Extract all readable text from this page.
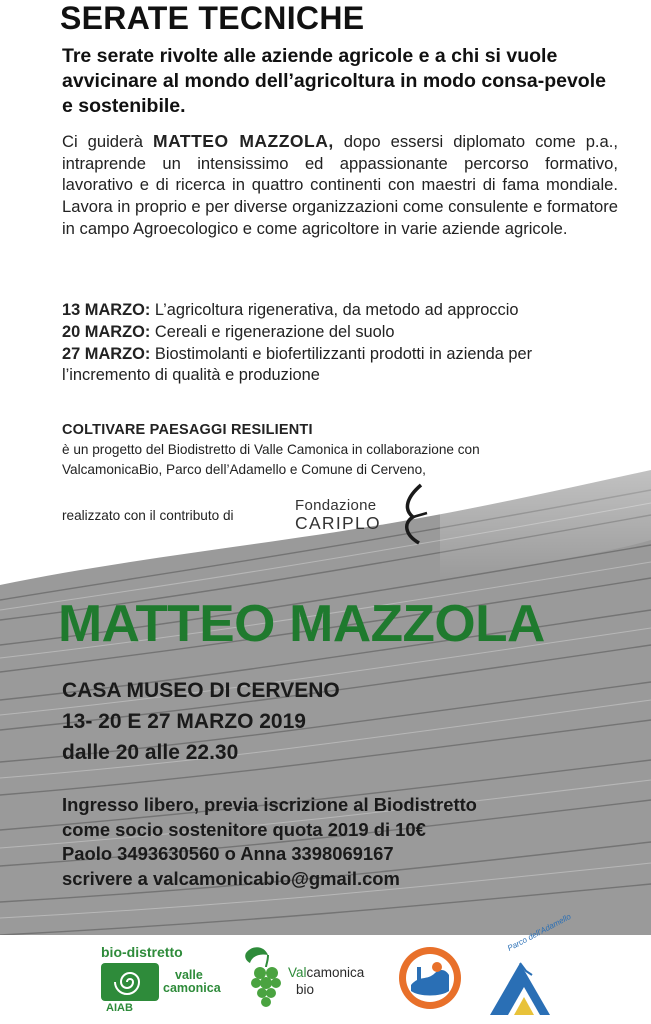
SERATE TECNICHE
Tre serate rivolte alle aziende agricole e a chi si vuole avvicinare al mondo dell’agricoltura in modo consa-pevole e sostenibile.
Ci guiderà MATTEO MAZZOLA, dopo essersi diplomato come p.a., intraprende un intensissimo ed appassionante percorso formativo, lavorativo e di ricerca in quattro continenti con maestri di fama mondiale. Lavora in proprio e per diverse organizzazioni come consulente e formatore in campo Agroecologico e come agricoltore in varie aziende agricole.
13 MARZO: L’agricoltura rigenerativa, da metodo ad approccio
20 MARZO: Cereali e rigenerazione del suolo
27 MARZO: Biostimolanti e biofertilizzanti prodotti in azienda per l’incremento di qualità e produzione
COLTIVARE PAESAGGI RESILIENTI
è un progetto del Biodistretto di Valle Camonica in collaborazione con
ValcamonicaBio, Parco dell’Adamello e Comune di Cerveno,
realizzato con il contributo di
Fondazione
CARIPLO
MATTEO MAZZOLA
CASA MUSEO DI CERVENO
13- 20 E 27 MARZO 2019
dalle 20 alle 22.30
Ingresso libero, previa iscrizione al Biodistretto
come socio sostenitore quota 2019 di 10€
Paolo 3493630560 o Anna 3398069167
scrivere a valcamonicabio@gmail.com
bio-distretto
valle
camonica
AIAB
Valcamonica
bio
Parco dell'Adamello
